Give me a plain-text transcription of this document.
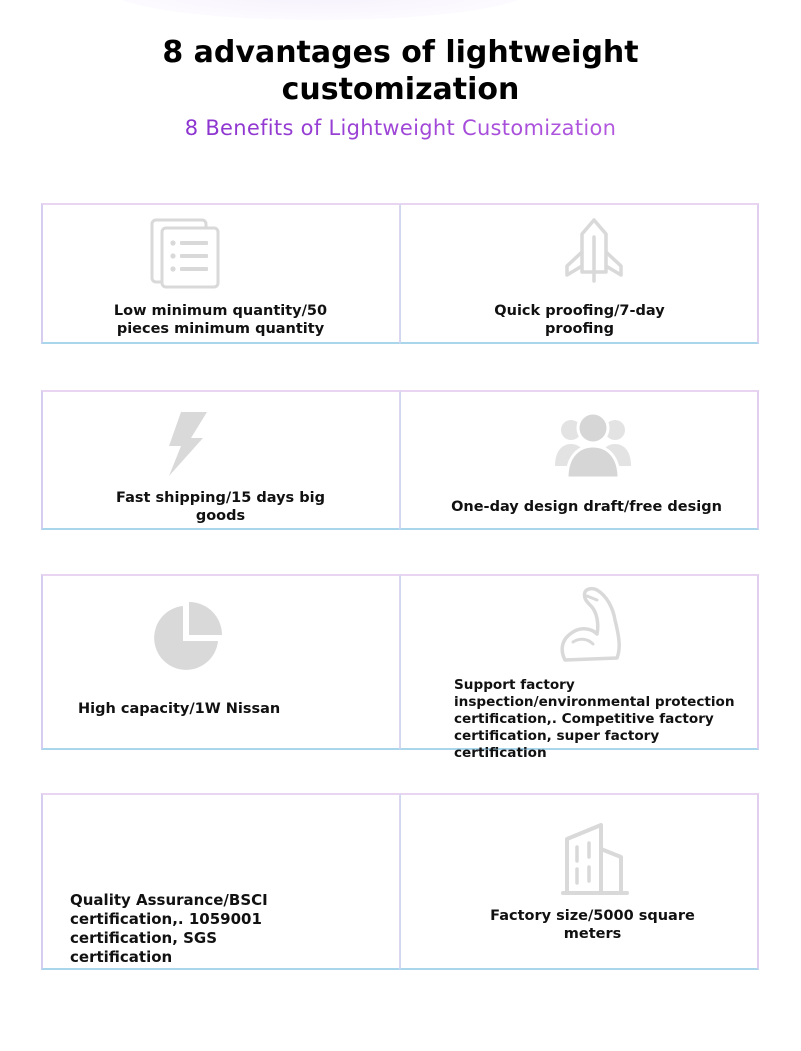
8 advantages of lightweight
customization

8 Benefits of Lightweight Customization

Low minimum quantity/50
pieces minimum quantity
Quick proofing/7-day
proofing
Fast shipping/15 days big
goods
One-day design draft/free design
High capacity/1W Nissan
Support factory
inspection/environmental protection
certification,. Competitive factory
certification, super factory certification
Quality Assurance/BSCI
certification,. 1059001
certification, SGS
certification
Factory size/5000 square
meters
